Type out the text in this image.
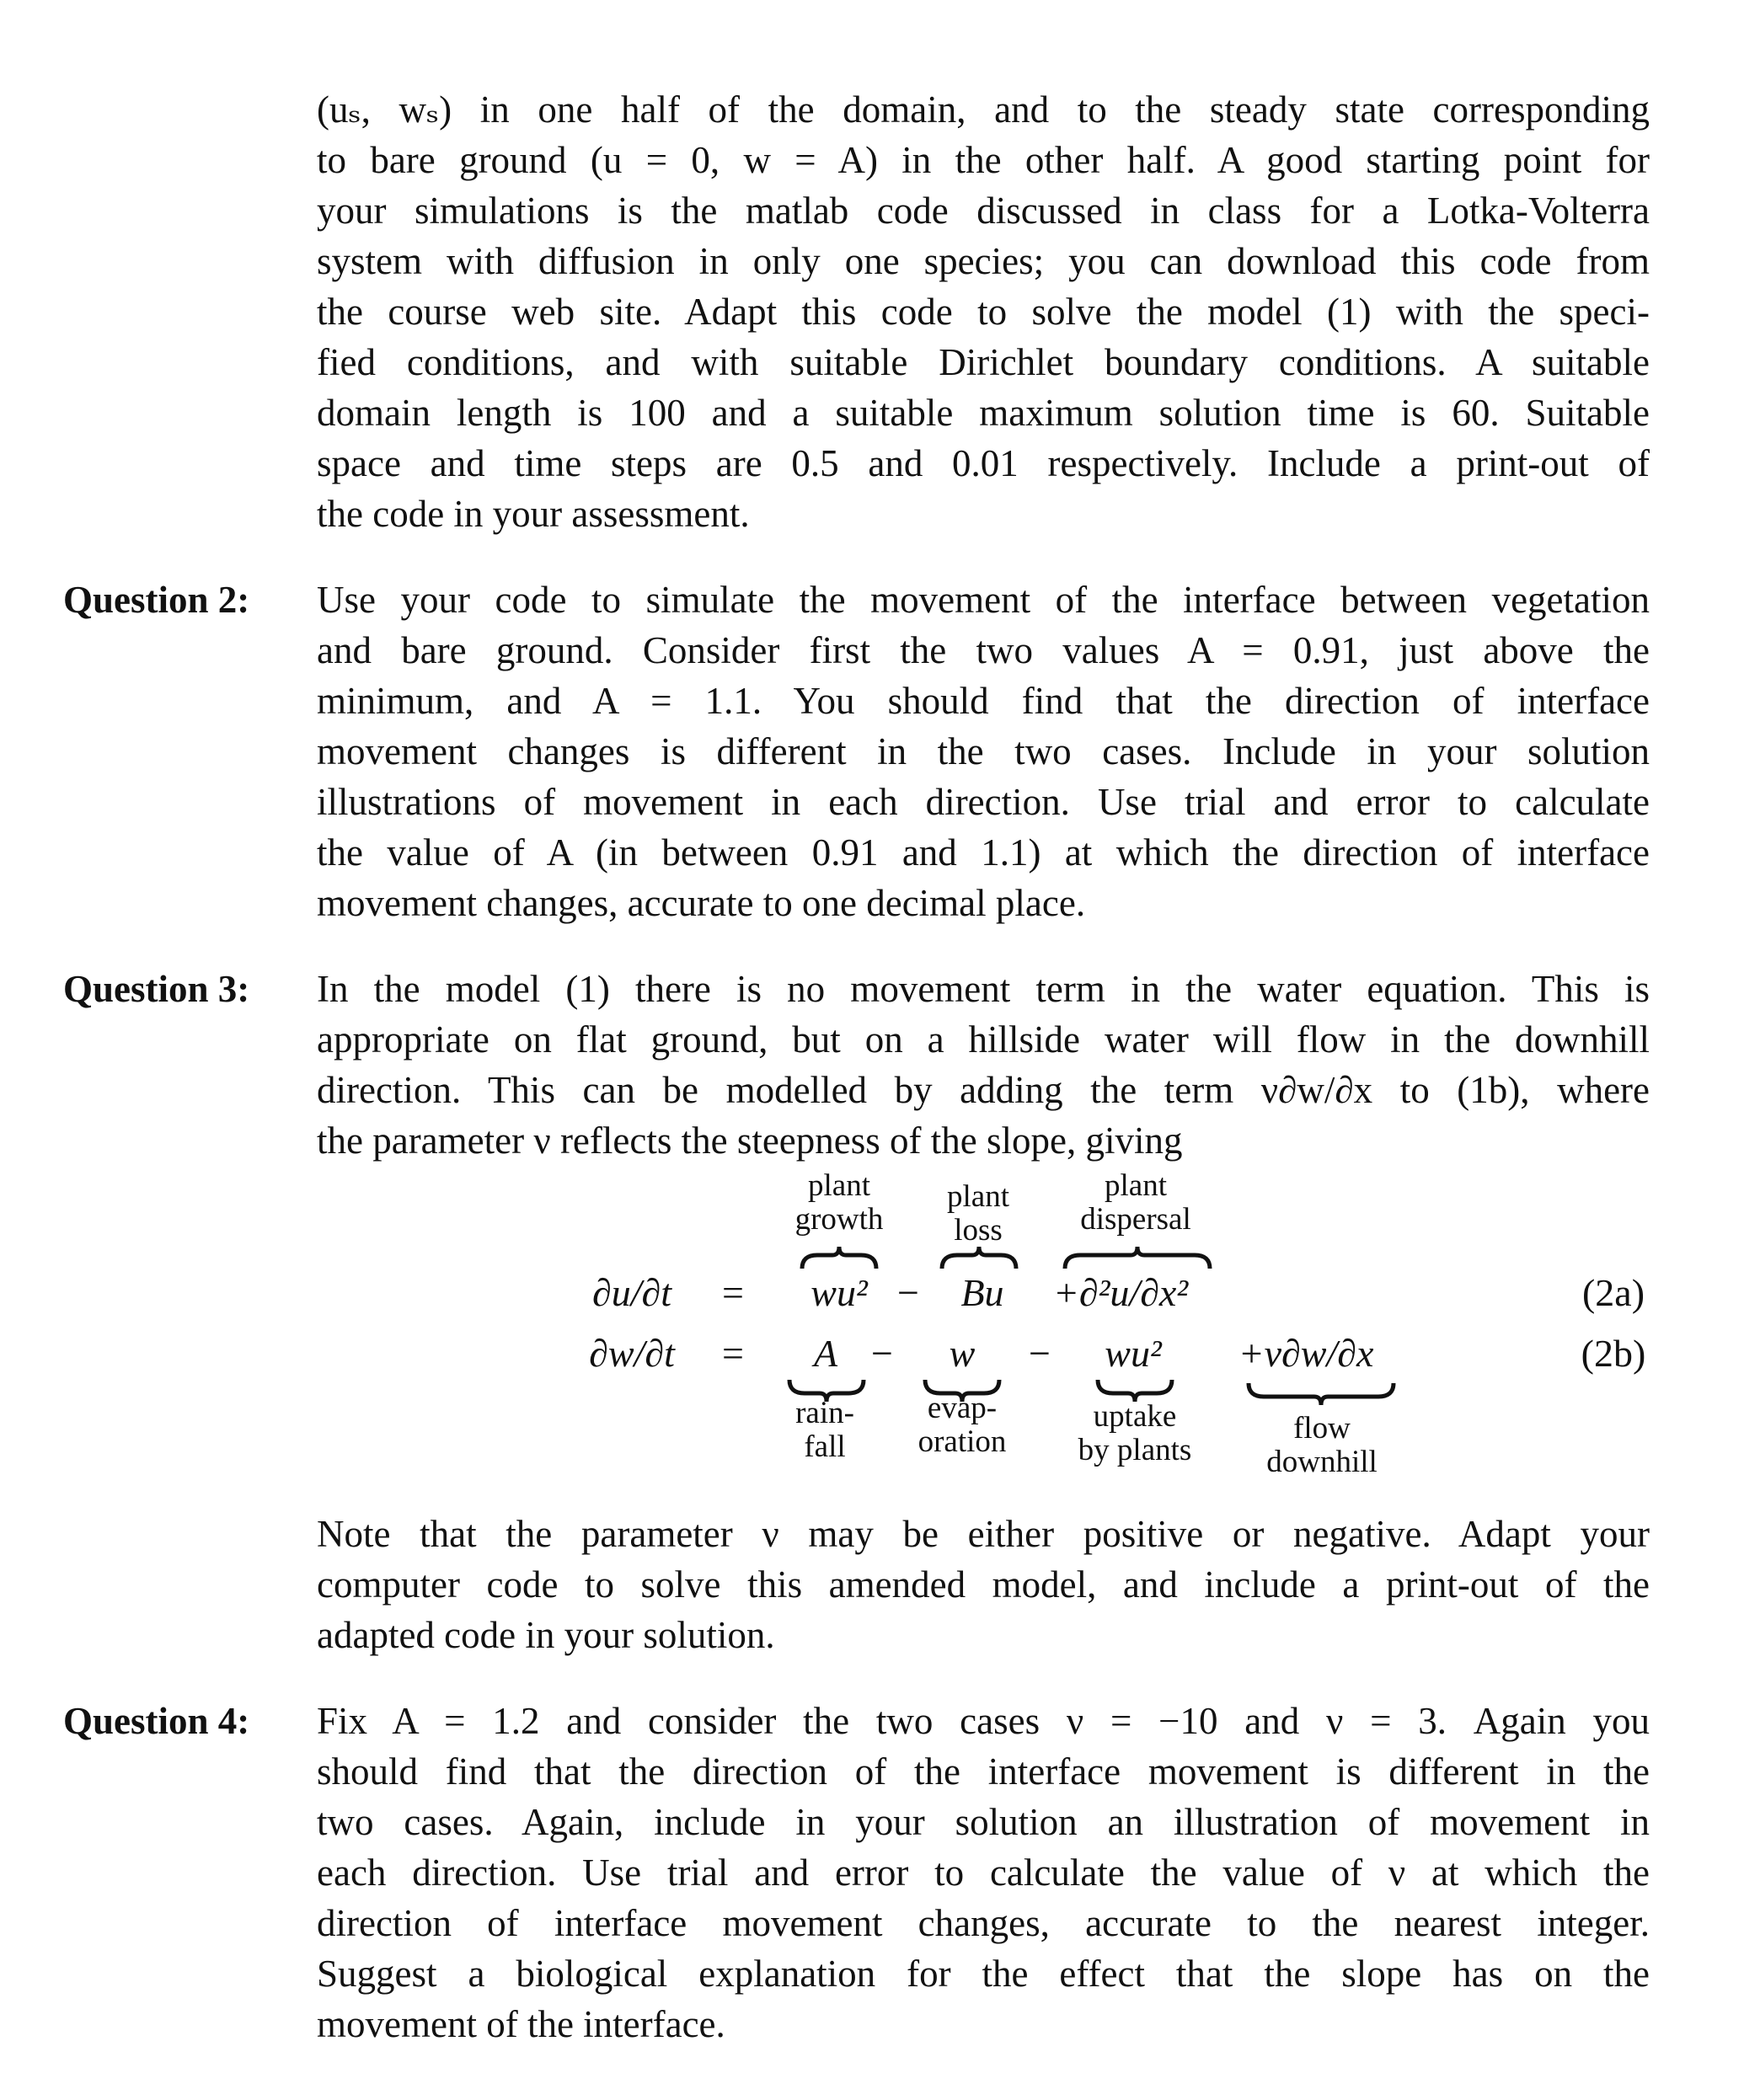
(uₛ, wₛ) in one half of the domain, and to the steady state corresponding
to bare ground (u = 0, w = A) in the other half. A good starting point for
your simulations is the matlab code discussed in class for a Lotka-Volterra
system with diffusion in only one species; you can download this code from
the course web site. Adapt this code to solve the model (1) with the speci-
fied conditions, and with suitable Dirichlet boundary conditions. A suitable
domain length is 100 and a suitable maximum solution time is 60. Suitable
space and time steps are 0.5 and 0.01 respectively. Include a print-out of
the code in your assessment.
Question 2: Use your code to simulate the movement of the interface between vegetation
and bare ground. Consider first the two values A = 0.91, just above the
minimum, and A = 1.1. You should find that the direction of interface
movement changes is different in the two cases. Include in your solution
illustrations of movement in each direction. Use trial and error to calculate
the value of A (in between 0.91 and 1.1) at which the direction of interface
movement changes, accurate to one decimal place.
Question 3: In the model (1) there is no movement term in the water equation. This is
appropriate on flat ground, but on a hillside water will flow in the downhill
direction. This can be modelled by adding the term ν∂w/∂x to (1b), where
the parameter ν reflects the steepness of the slope, giving
plant
growth
plant
loss
plant
dispersal
∂u/∂t = wu² − Bu +∂²u/∂x²	(2a)
∂w/∂t = A − w − wu² +ν∂w/∂x	(2b)
rain-
fall
evap-
oration
uptake
by plants
flow
downhill
Note that the parameter ν may be either positive or negative. Adapt your
computer code to solve this amended model, and include a print-out of the
adapted code in your solution.
Question 4: Fix A = 1.2 and consider the two cases ν = −10 and ν = 3. Again you
should find that the direction of the interface movement is different in the
two cases. Again, include in your solution an illustration of movement in
each direction. Use trial and error to calculate the value of ν at which the
direction of interface movement changes, accurate to the nearest integer.
Suggest a biological explanation for the effect that the slope has on the
movement of the interface.
